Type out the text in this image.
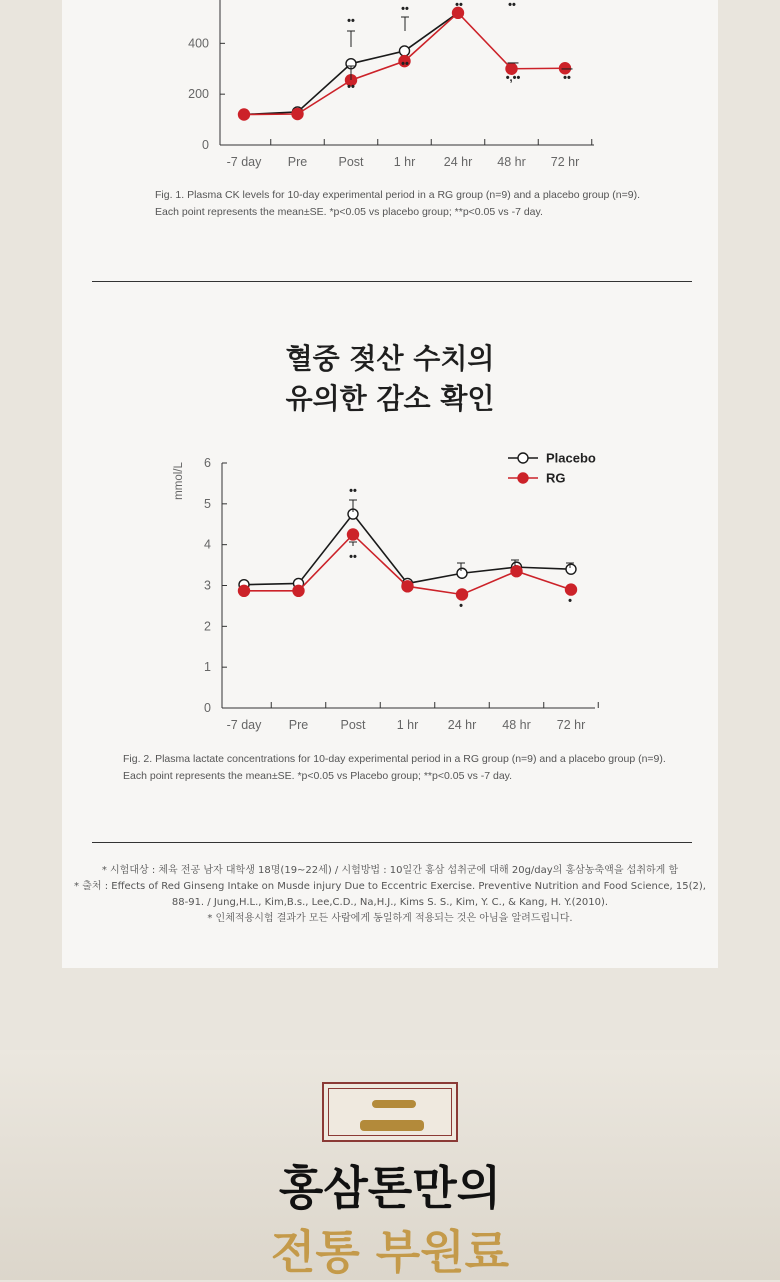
0
200
400
-7 day Pre	Post 1 hr 24 hr 48 hr 72 hr
••
••
••
••
••	••
—
•,••
—
••
Fig. 1. Plasma CK levels for 10-day experimental period in a RG group (n=9) and a placebo group (n=9).
Each point represents the mean±SE. *p<0.05 vs placebo group; **p<0.05 vs -7 day.
혈중 젖산 수치의
유의한 감소 확인
0
1
2
3
4
5
6
-7 day Pre	Post 1 hr 24 hr 48 hr 72 hr
mmol/L
Placebo
RG
••
••
•	•
Fig. 2. Plasma lactate concentrations for 10-day experimental period in a RG group (n=9) and a placebo group (n=9).
Each point represents the mean±SE. *p<0.05 vs Placebo group; **p<0.05 vs -7 day.
* 시험대상 : 체육 전공 남자 대학생 18명(19~22세) / 시험방법 : 10일간 홍삼 섭취군에 대해 20g/day의 홍삼농축액을 섭취하게 함
* 출처 : Effects of Red Ginseng Intake on Musde injury Due to Eccentric Exercise. Preventive Nutrition and Food Science, 15(2),
88-91. / Jung,H.L., Kim,B.s., Lee,C.D., Na,H.J., Kims S. S., Kim, Y. C., & Kang, H. Y.(2010).
* 인체적용시험 결과가 모든 사람에게 동일하게 적용되는 것은 아님을 알려드립니다.
홍삼톤만의
전통 부원료
